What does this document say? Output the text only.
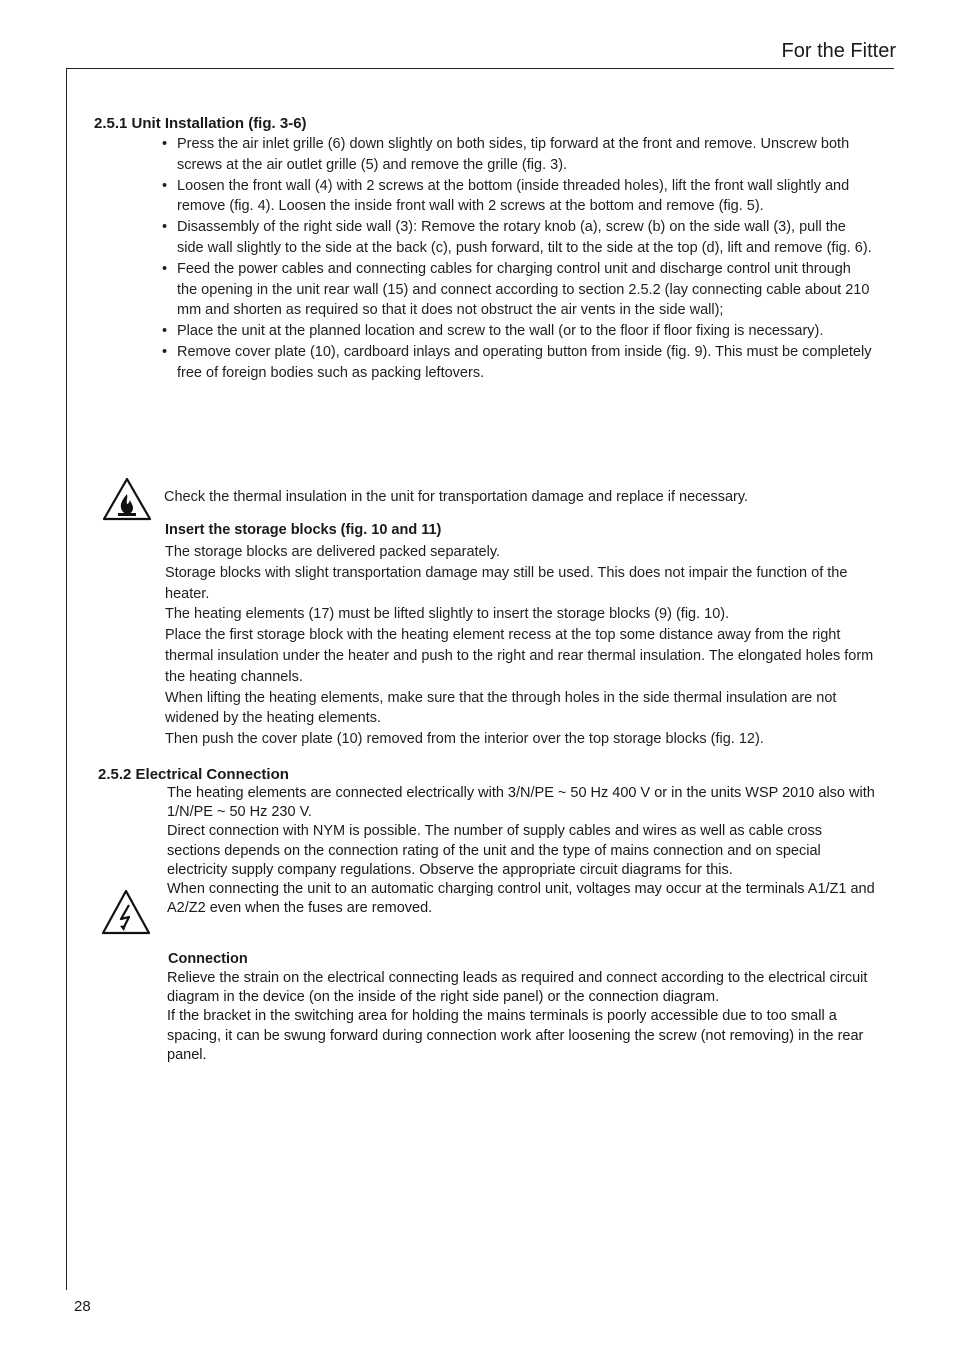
For the Fitter
2.5.1 Unit Installation (fig. 3-6)
• Press the air inlet grille (6) down slightly on both sides, tip forward at the front and remove. Unscrew both screws at the air outlet grille (5) and remove the grille (fig. 3).
• Loosen the front wall (4) with 2 screws at the bottom (inside threaded holes), lift the front wall slightly and remove (fig. 4). Loosen the inside front wall with 2 screws at the bottom and remove (fig. 5).
• Disassembly of the right side wall (3): Remove the rotary knob (a), screw (b) on the side wall (3), pull the side wall slightly to the side at the back (c), push forward, tilt to the side at the top (d), lift and remove (fig. 6).
• Feed the power cables and connecting cables for charging control unit and discharge control unit through the opening in the unit rear wall (15) and connect according to section 2.5.2 (lay connecting cable about 210 mm and shorten as required so that it does not obstruct the air vents in the side wall);
• Place the unit at the planned location and screw to the wall (or to the floor if floor fixing is necessary).
• Remove cover plate (10), cardboard inlays and operating button from inside (fig. 9). This must be completely free of foreign bodies such as packing leftovers.
Check the thermal insulation in the unit for transportation damage and replace if necessary.
Insert the storage blocks (fig. 10 and 11)

The storage blocks are delivered packed separately.

Storage blocks with slight transportation damage may still be used. This does not impair the function of the heater.

The heating elements (17) must be lifted slightly to insert the storage blocks (9) (fig. 10).

Place the first storage block with the heating element recess at the top some distance away from the right thermal insulation under the heater and push to the right and rear thermal insulation. The elongated holes form the heating channels.

When lifting the heating elements, make sure that the through holes in the side thermal insulation are not widened by the heating elements.

Then push the cover plate (10) removed from the interior over the top storage blocks (fig. 12).

2.5.2 Electrical Connection

The heating elements are connected electrically with 3/N/PE ~ 50 Hz 400 V or in the units WSP 2010 also with 1/N/PE ~ 50 Hz 230 V.

Direct connection with NYM is possible. The number of supply cables and wires as well as cable cross sections depends on the connection rating of the unit and the type of mains connection and on special electricity supply company regulations. Observe the appropriate circuit diagrams for this.

When connecting the unit to an automatic charging control unit, voltages may occur at the terminals A1/Z1 and A2/Z2 even when the fuses are removed.

Connection

Relieve the strain on the electrical connecting leads as required and connect according to the electrical circuit diagram in the device (on the inside of the right side panel) or the connection diagram.

If the bracket in the switching area for holding the mains terminals is poorly accessible due to too small a spacing, it can be swung forward during connection work after loosening the screw (not removing) in the rear panel.

28
